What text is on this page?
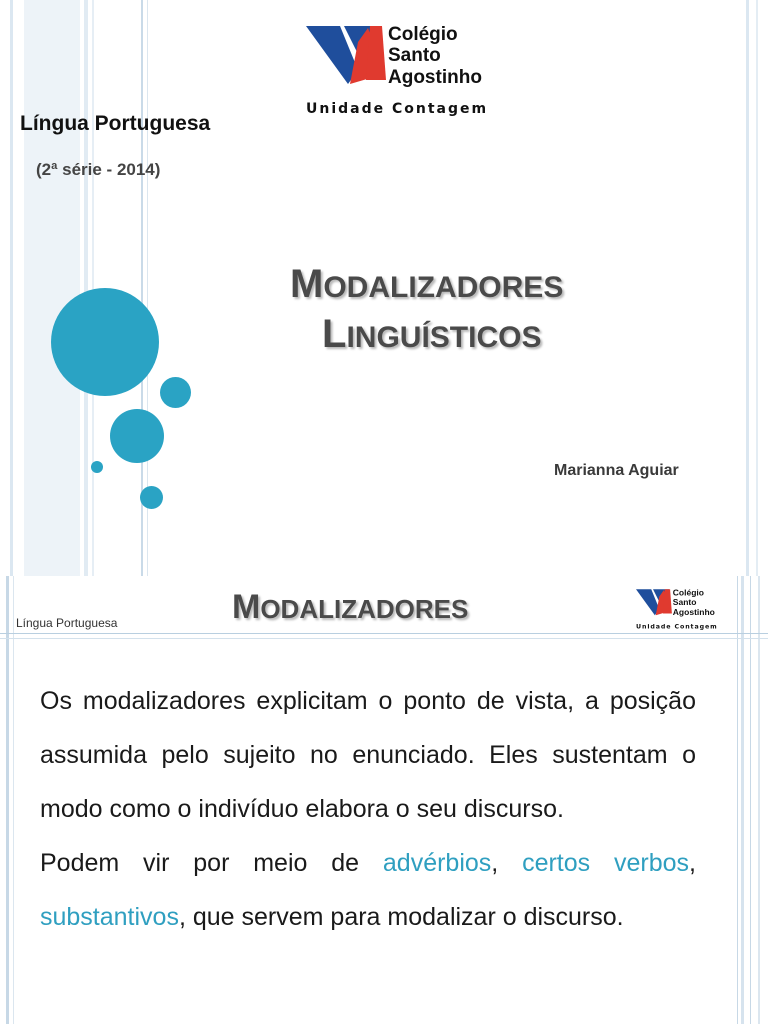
Colégio
Santo
Agostinho
Unidade Contagem
Língua Portuguesa
(2ª série - 2014)
MODALIZADORES
LINGUÍSTICOS
Marianna Aguiar
Língua Portuguesa	MODALIZADORES
Colégio
Santo
Agostinho
Unidade Contagem

Os modalizadores explicitam o ponto de vista, a posição assumida pelo sujeito no enunciado. Eles sustentam o modo como o indivíduo elabora o seu discurso.

Podem vir por meio de advérbios, certos verbos, substantivos, que servem para modalizar o discurso.
